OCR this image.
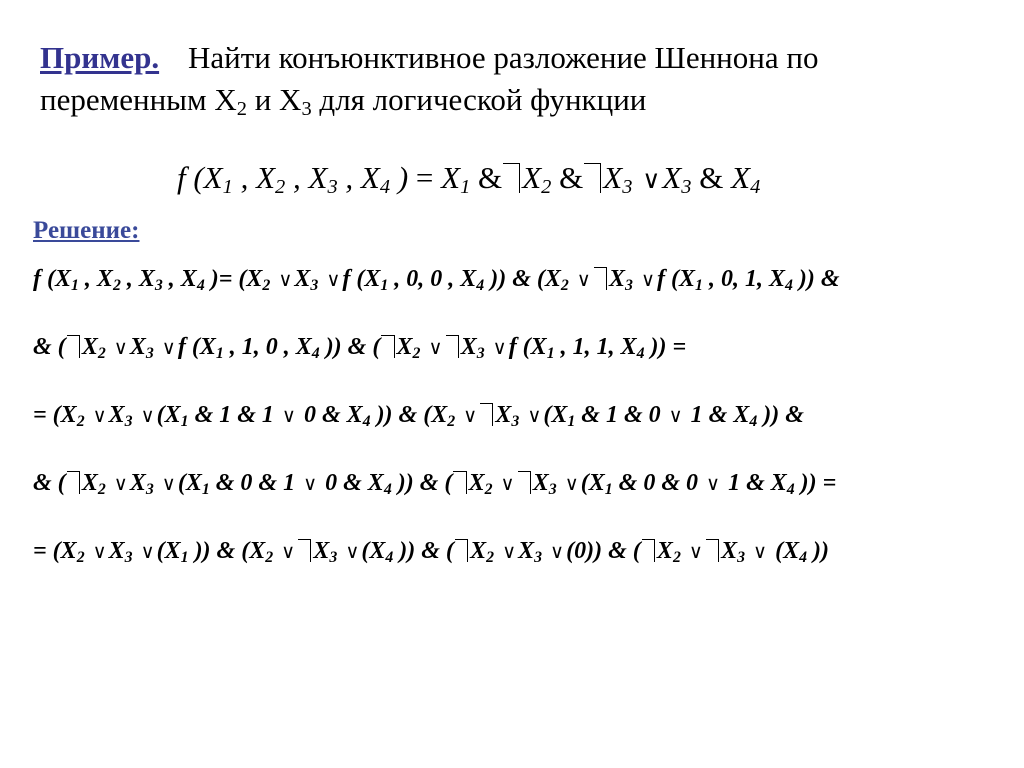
Пример. Найти конъюнктивное разложение Шеннона по
переменным $X_2$ и $X_3$ для логической функции
f ($X_1$ , $X_2$ , $X_3$ , $X_4$ ) = $X_1$ & $X_2$ & $X_3$ $\vee X_3$ & $X_4$
Решение:
f ($X_1$ , $X_2$ , $X_3$ , $X_4$ )= ($X_2$ $\vee X_3$ ∨f ($X_1$ , 0, 0 , $X_4$ )) & ($X_2$ ∨ $X_3$ ∨f ($X_1$ , 0, 1, $X_4$ )) &
& ( $X_2$ $\vee X_3$ ∨f ($X_1$ , 1, 0 , $X_4$ )) & ( $X_2$ ∨ $X_3$ ∨f ($X_1$ , 1, 1, $X_4$ )) =
= ($X_2$ $\vee X_3$ $\vee(X_1$ & 1 & 1 ∨ 0 & $X_4$ )) & ($X_2$ ∨ $X_3$ $\vee(X_1$ & 1 & 0 ∨ 1 & $X_4$ )) &
& ( $X_2$ $\vee X_3$ $\vee(X_1$ & 0 & 1 ∨ 0 & $X_4$ )) & ( $X_2$ ∨ $X_3$ $\vee(X_1$ & 0 & 0 ∨ 1 & $X_4$ )) =
= ($X_2$ $\vee X_3$ $\vee(X_1$ )) & ($X_2$ ∨ $X_3$ $\vee(X_4$ )) & ( $X_2$ $\vee X_3$ ∨(0)) & ( $X_2$ ∨ $X_3$ ∨ ($X_4$ ))
